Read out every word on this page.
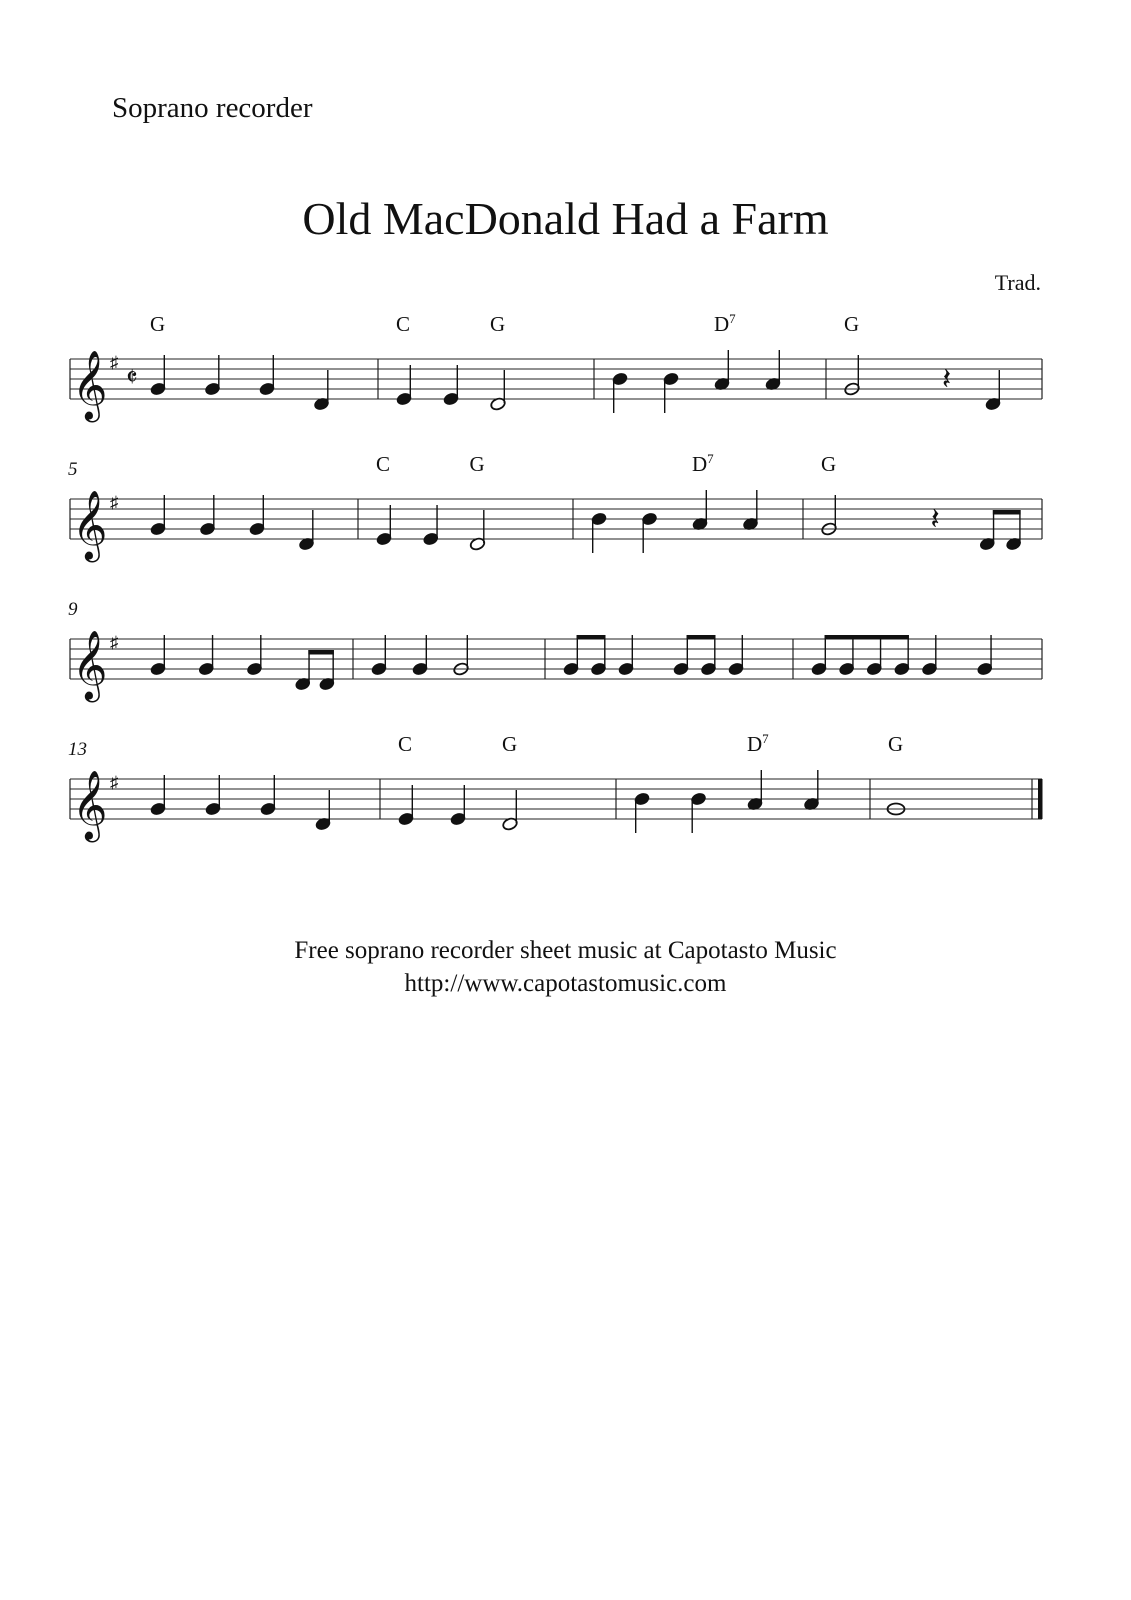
Soprano recorder
Old MacDonald Had a Farm
Trad.
𝄞 ♯
𝄵	𝄽
G	C	G	$D^7$	G
𝄞 ♯
5
𝄽
C	G	$D^7$	G
𝄞 ♯
9
𝄞 ♯
13	C	G	$D^7$	G
Free soprano recorder sheet music at Capotasto Music
http://www.capotastomusic.com
